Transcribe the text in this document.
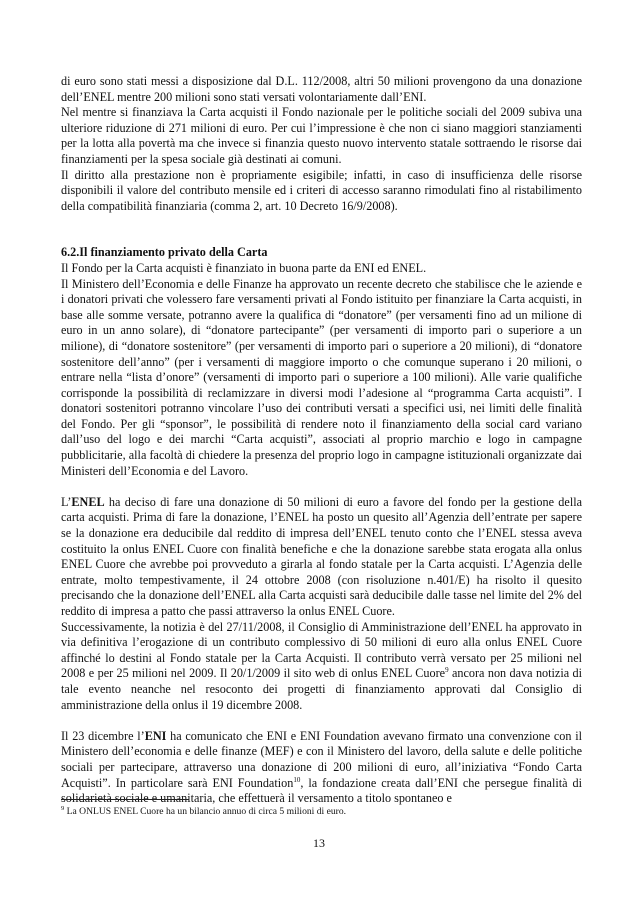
di euro sono stati messi a disposizione dal D.L. 112/2008, altri 50 milioni provengono da una donazione dell’ENEL mentre 200 milioni sono stati versati volontariamente dall’ENI.

Nel mentre si finanziava la Carta acquisti il Fondo nazionale per le politiche sociali del 2009 subiva una ulteriore riduzione di 271 milioni di euro. Per cui l’impressione è che non ci siano maggiori stanziamenti per la lotta alla povertà ma che invece si finanzia questo nuovo intervento statale sottraendo le risorse dai finanziamenti per la spesa sociale già destinati ai comuni.

Il diritto alla prestazione non è propriamente esigibile; infatti, in caso di insufficienza delle risorse disponibili il valore del contributo mensile ed i criteri di accesso saranno rimodulati fino al ristabilimento della compatibilità finanziaria (comma 2, art. 10 Decreto 16/9/2008).

6.2.Il finanziamento privato della Carta

Il Fondo per la Carta acquisti è finanziato in buona parte da ENI ed ENEL.

Il Ministero dell’Economia e delle Finanze ha approvato un recente decreto che stabilisce che le aziende e i donatori privati che volessero fare versamenti privati al Fondo istituito per finanziare la Carta acquisti, in base alle somme versate, potranno avere la qualifica di “donatore” (per versamenti fino ad un milione di euro in un anno solare), di “donatore partecipante” (per versamenti di importo pari o superiore a un milione), di “donatore sostenitore” (per versamenti di importo pari o superiore a 20 milioni), di “donatore sostenitore dell’anno” (per i versamenti di maggiore importo o che comunque superano i 20 milioni, o entrare nella “lista d’onore” (versamenti di importo pari o superiore a 100 milioni). Alle varie qualifiche corrisponde la possibilità di reclamizzare in diversi modi l’adesione al “programma Carta acquisti”. I donatori sostenitori potranno vincolare l’uso dei contributi versati a specifici usi, nei limiti delle finalità del Fondo. Per gli “sponsor”, le possibilità di rendere noto il finanziamento della social card variano dall’uso del logo e dei marchi “Carta acquisti”, associati al proprio marchio e logo in campagne pubblicitarie, alla facoltà di chiedere la presenza del proprio logo in campagne istituzionali organizzate dai Ministeri dell’Economia e del Lavoro.

L’ENEL ha deciso di fare una donazione di 50 milioni di euro a favore del fondo per la gestione della carta acquisti. Prima di fare la donazione, l’ENEL ha posto un quesito all’Agenzia dell’entrate per sapere se la donazione era deducibile dal reddito di impresa dell’ENEL tenuto conto che l’ENEL stessa aveva costituito la onlus ENEL Cuore con finalità benefiche e che la donazione sarebbe stata erogata alla onlus ENEL Cuore che avrebbe poi provveduto a girarla al fondo statale per la Carta acquisti. L’Agenzia delle entrate, molto tempestivamente, il 24 ottobre 2008 (con risoluzione n.401/E) ha risolto il quesito precisando che la donazione dell’ENEL alla Carta acquisti sarà deducibile dalle tasse nel limite del 2% del reddito di impresa a patto che passi attraverso la onlus ENEL Cuore.

Successivamente, la notizia è del 27/11/2008, il Consiglio di Amministrazione dell’ENEL ha approvato in via definitiva l’erogazione di un contributo complessivo di 50 milioni di euro alla onlus ENEL Cuore affinché lo destini al Fondo statale per la Carta Acquisti. Il contributo verrà versato per 25 milioni nel 2008 e per 25 milioni nel 2009. Il 20/1/2009 il sito web di onlus ENEL Cuore$^9$ ancora non dava notizia di tale evento neanche nel resoconto dei progetti di finanziamento approvati dal Consiglio di amministrazione della onlus il 19 dicembre 2008.

Il 23 dicembre l’ENI ha comunicato che ENI e ENI Foundation avevano firmato una convenzione con il Ministero dell’economia e delle finanze (MEF) e con il Ministero del lavoro, della salute e delle politiche sociali per partecipare, attraverso una donazione di 200 milioni di euro, all’iniziativa “Fondo Carta Acquisti”. In particolare sarà ENI Foundation$^{10}$, la fondazione creata dall’ENI che persegue finalità di solidarietà sociale e umanitaria, che effettuerà il versamento a titolo spontaneo e

$^9$ La ONLUS ENEL Cuore ha un bilancio annuo di circa 5 milioni di euro.
13
